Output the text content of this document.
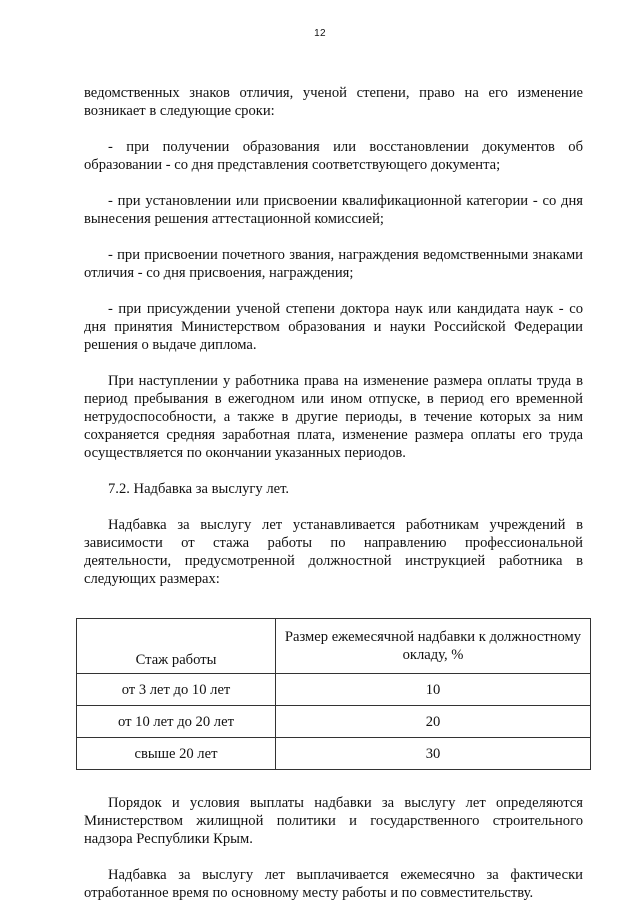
12

ведомственных знаков отличия, ученой степени, право на его изменение возникает в следующие сроки:

- при получении образования или восстановлении документов об образовании - со дня представления соответствующего документа;

- при установлении или присвоении квалификационной категории - со дня вынесения решения аттестационной комиссией;

- при присвоении почетного звания, награждения ведомственными знаками отличия - со дня присвоения, награждения;

- при присуждении ученой степени доктора наук или кандидата наук - со дня принятия Министерством образования и науки Российской Федерации решения о выдаче диплома.

При наступлении у работника права на изменение размера оплаты труда в период пребывания в ежегодном или ином отпуске, в период его временной нетрудоспособности, а также в другие периоды, в течение которых за ним сохраняется средняя заработная плата, изменение размера оплаты его труда осуществляется по окончании указанных периодов.

7.2. Надбавка за выслугу лет.

Надбавка за выслугу лет устанавливается работникам учреждений в зависимости от стажа работы по направлению профессиональной деятельности, предусмотренной должностной инструкцией работника в следующих размерах:

Стаж работы	Размер ежемесячной надбавки к должностному окладу, %
от 3 лет до 10 лет	10
от 10 лет до 20 лет	20
свыше 20 лет	30

Порядок и условия выплаты надбавки за выслугу лет определяются Министерством жилищной политики и государственного строительного надзора Республики Крым.

Надбавка за выслугу лет выплачивается ежемесячно за фактически отработанное время по основному месту работы и по совместительству.
